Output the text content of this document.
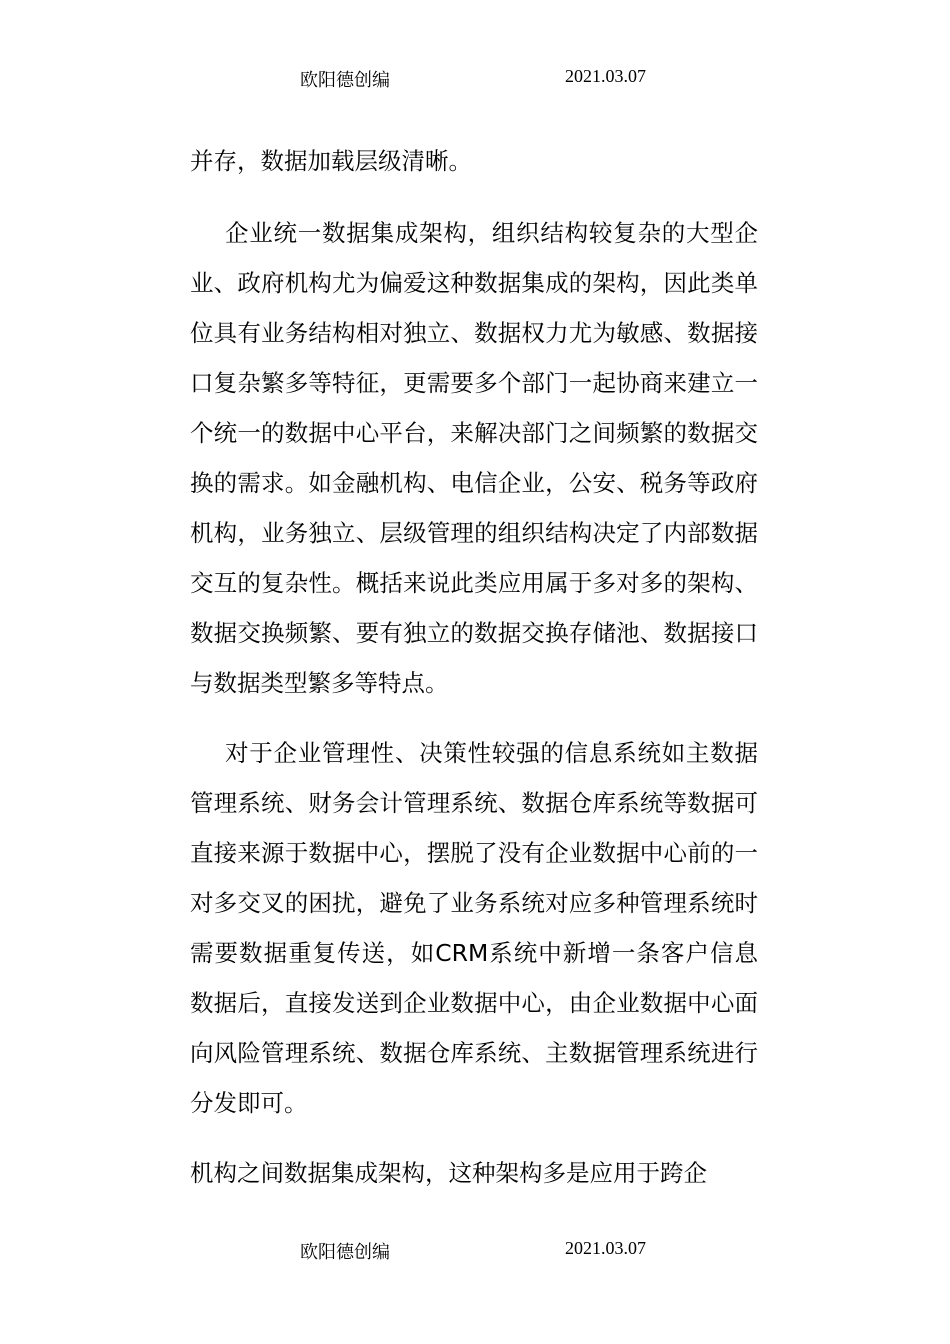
欧阳德创编	2021.03.07

并存，数据加载层级清晰。

企业统一数据集成架构，组织结构较复杂的大型企业、政府机构尤为偏爱这种数据集成的架构，因此类单位具有业务结构相对独立、数据权力尤为敏感、数据接口复杂繁多等特征，更需要多个部门一起协商来建立一个统一的数据中心平台，来解决部门之间频繁的数据交换的需求。如金融机构、电信企业，公安、税务等政府机构，业务独立、层级管理的组织结构决定了内部数据交互的复杂性。概括来说此类应用属于多对多的架构、数据交换频繁、要有独立的数据交换存储池、数据接口与数据类型繁多等特点。

对于企业管理性、决策性较强的信息系统如主数据管理系统、财务会计管理系统、数据仓库系统等数据可直接来源于数据中心，摆脱了没有企业数据中心前的一对多交叉的困扰，避免了业务系统对应多种管理系统时需要数据重复传送，如CRM系统中新增一条客户信息数据后，直接发送到企业数据中心，由企业数据中心面向风险管理系统、数据仓库系统、主数据管理系统进行分发即可。

机构之间数据集成架构，这种架构多是应用于跨企

欧阳德创编	2021.03.07
